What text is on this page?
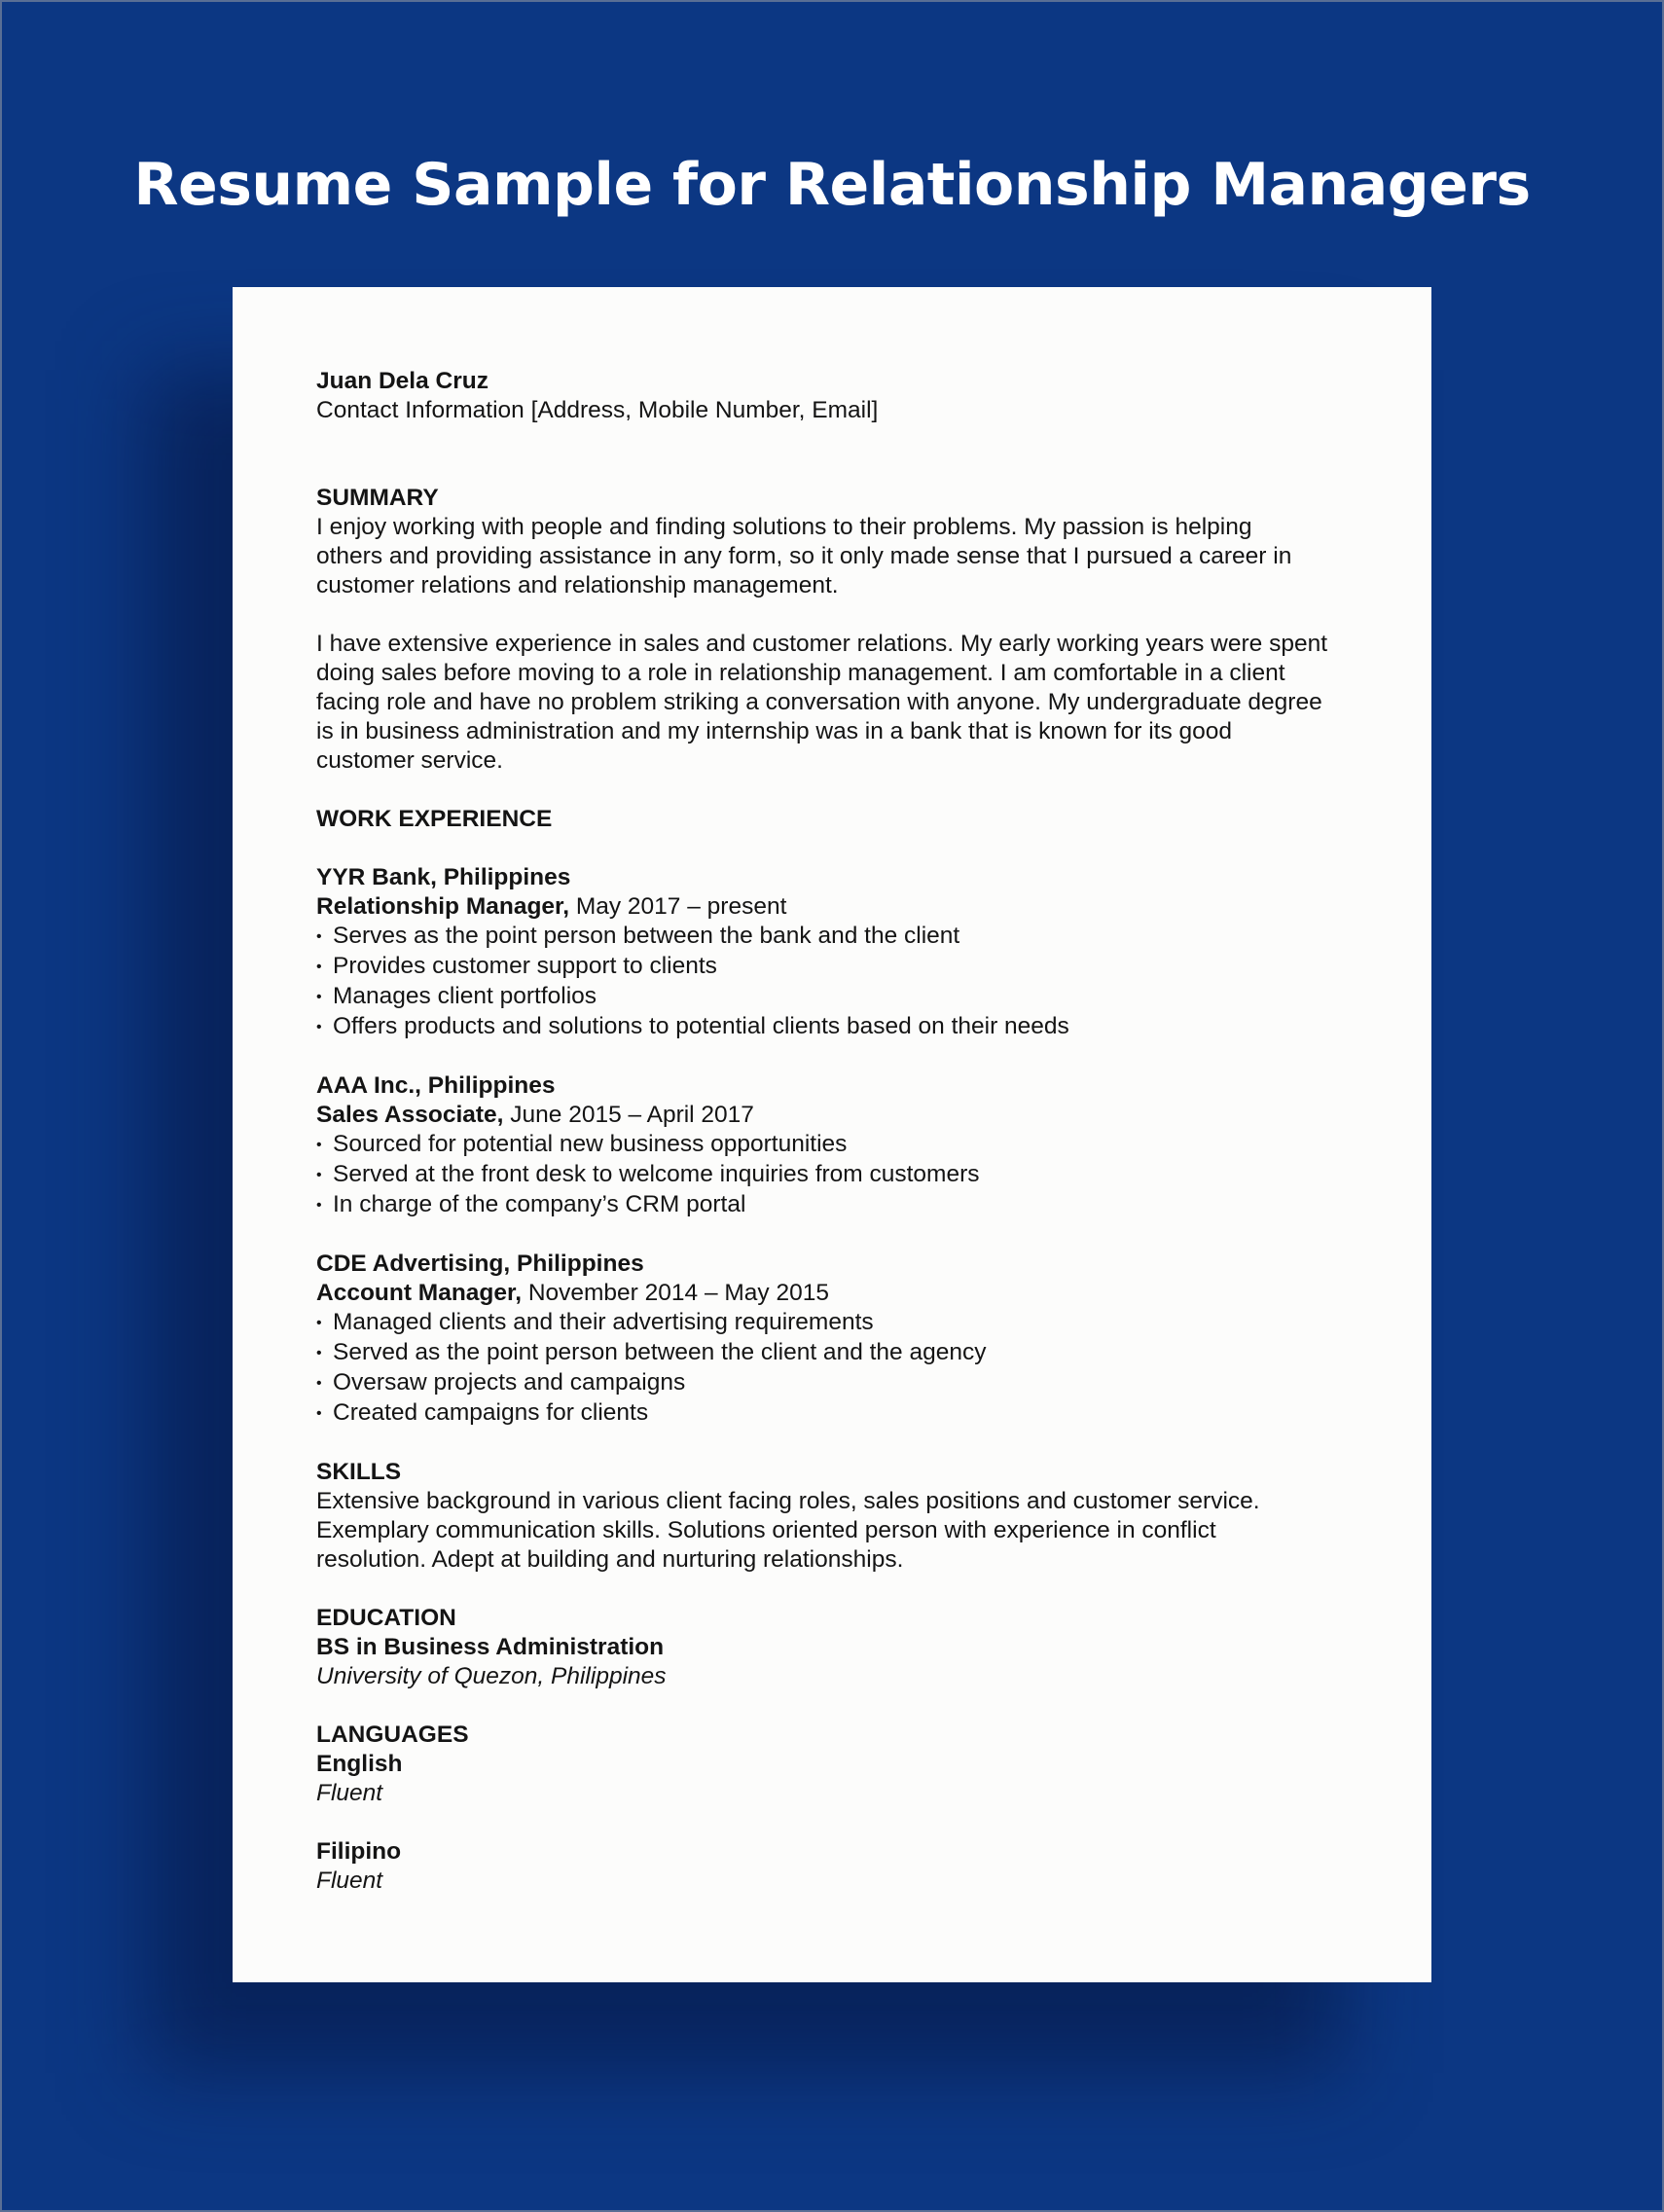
Resume Sample for Relationship Managers

Juan Dela Cruz

Contact Information [Address, Mobile Number, Email]

SUMMARY

I enjoy working with people and finding solutions to their problems. My passion is helping

others and providing assistance in any form, so it only made sense that I pursued a career in

customer relations and relationship management.

I have extensive experience in sales and customer relations. My early working years were spent

doing sales before moving to a role in relationship management. I am comfortable in a client

facing role and have no problem striking a conversation with anyone. My undergraduate degree

is in business administration and my internship was in a bank that is known for its good

customer service.

WORK EXPERIENCE

YYR Bank, Philippines

Relationship Manager, May 2017 – present

• Serves as the point person between the bank and the client

• Provides customer support to clients

• Manages client portfolios

• Offers products and solutions to potential clients based on their needs

AAA Inc., Philippines

Sales Associate, June 2015 – April 2017

• Sourced for potential new business opportunities

• Served at the front desk to welcome inquiries from customers

• In charge of the company’s CRM portal

CDE Advertising, Philippines

Account Manager, November 2014 – May 2015

• Managed clients and their advertising requirements

• Served as the point person between the client and the agency

• Oversaw projects and campaigns

• Created campaigns for clients

SKILLS

Extensive background in various client facing roles, sales positions and customer service.

Exemplary communication skills. Solutions oriented person with experience in conflict

resolution. Adept at building and nurturing relationships.

EDUCATION

BS in Business Administration

University of Quezon, Philippines

LANGUAGES

English

Fluent

Filipino

Fluent
